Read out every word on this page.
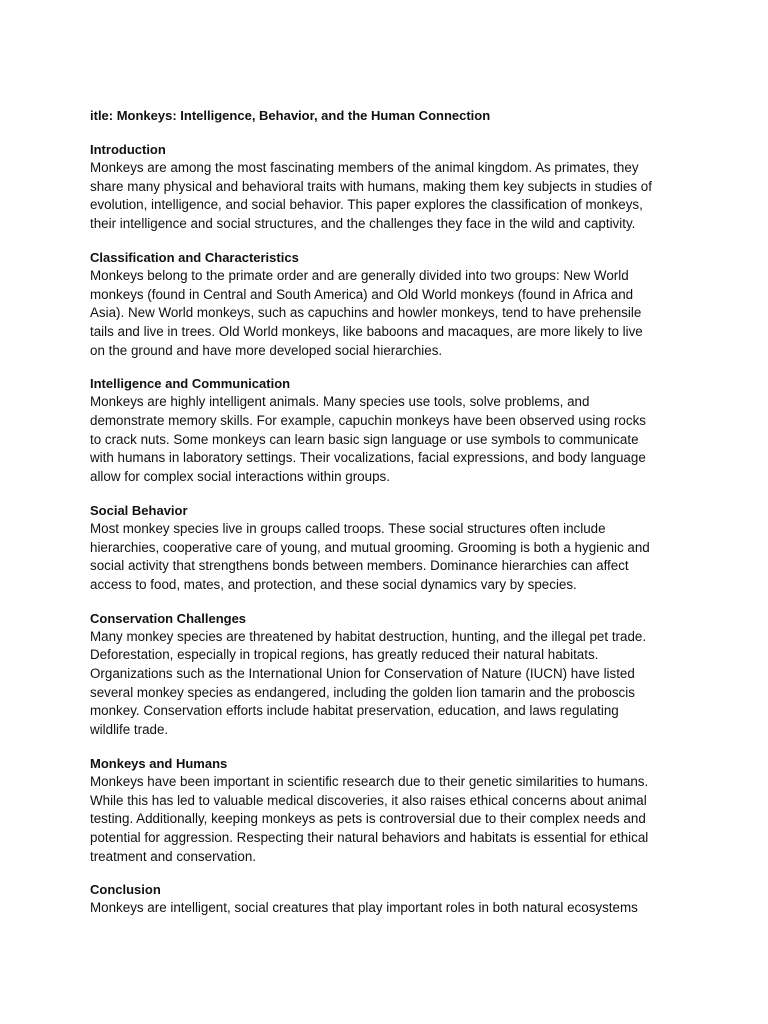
itle: Monkeys: Intelligence, Behavior, and the Human Connection
Introduction
Monkeys are among the most fascinating members of the animal kingdom. As primates, they
share many physical and behavioral traits with humans, making them key subjects in studies of
evolution, intelligence, and social behavior. This paper explores the classification of monkeys,
their intelligence and social structures, and the challenges they face in the wild and captivity.
Classification and Characteristics
Monkeys belong to the primate order and are generally divided into two groups: New World
monkeys (found in Central and South America) and Old World monkeys (found in Africa and
Asia). New World monkeys, such as capuchins and howler monkeys, tend to have prehensile
tails and live in trees. Old World monkeys, like baboons and macaques, are more likely to live
on the ground and have more developed social hierarchies.
Intelligence and Communication
Monkeys are highly intelligent animals. Many species use tools, solve problems, and
demonstrate memory skills. For example, capuchin monkeys have been observed using rocks
to crack nuts. Some monkeys can learn basic sign language or use symbols to communicate
with humans in laboratory settings. Their vocalizations, facial expressions, and body language
allow for complex social interactions within groups.
Social Behavior
Most monkey species live in groups called troops. These social structures often include
hierarchies, cooperative care of young, and mutual grooming. Grooming is both a hygienic and
social activity that strengthens bonds between members. Dominance hierarchies can affect
access to food, mates, and protection, and these social dynamics vary by species.
Conservation Challenges
Many monkey species are threatened by habitat destruction, hunting, and the illegal pet trade.
Deforestation, especially in tropical regions, has greatly reduced their natural habitats.
Organizations such as the International Union for Conservation of Nature (IUCN) have listed
several monkey species as endangered, including the golden lion tamarin and the proboscis
monkey. Conservation efforts include habitat preservation, education, and laws regulating
wildlife trade.
Monkeys and Humans
Monkeys have been important in scientific research due to their genetic similarities to humans.
While this has led to valuable medical discoveries, it also raises ethical concerns about animal
testing. Additionally, keeping monkeys as pets is controversial due to their complex needs and
potential for aggression. Respecting their natural behaviors and habitats is essential for ethical
treatment and conservation.
Conclusion
Monkeys are intelligent, social creatures that play important roles in both natural ecosystems
